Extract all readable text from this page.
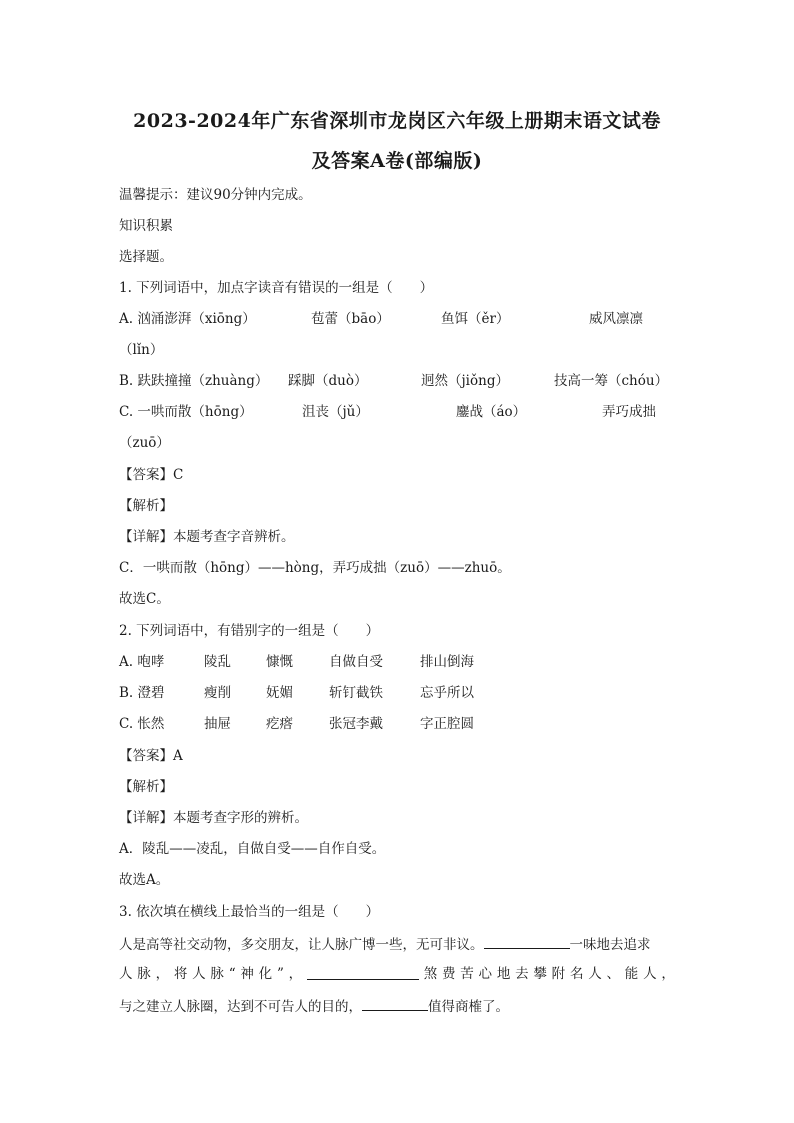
2023-2024年广东省深圳市龙岗区六年级上册期末语文试卷
及答案A卷(部编版)
温馨提示：建议90分钟内完成。
知识积累
选择题。
1. 下列词语中，加点字读音有错误的一组是（　　）
A. 汹涌澎湃（xiōng）	苞蕾（bāo）	鱼饵（ěr）	威风凛凛
（lǐn）
B. 趺趺撞撞（zhuàng） 踩脚（duò）	迥然（jiǒng）	技高一筹（chóu）
C. 一哄而散（hōng）	沮丧（jǔ）	鏖战（áo）	弄巧成拙
（zuō）
【答案】C
【解析】
【详解】本题考查字音辨析。
C．一哄而散（hōng）——hòng，弄巧成拙（zuō）——zhuō。
故选C。
2. 下列词语中，有错别字的一组是（　　）
A. 咆哮	陵乱	慷慨	自做自受	排山倒海
B. 澄碧	瘦削	妩媚	斩钉截铁	忘乎所以
C. 怅然	抽屉	疙瘩	张冠李戴	字正腔圆
【答案】A
【解析】
【详解】本题考查字形的辨析。
A．陵乱——凌乱，自做自受——自作自受。
故选A。
3. 依次填在横线上最恰当的一组是（　　）
人是高等社交动物，多交朋友，让人脉广博一些，无可非议。	一味地去追求
人 脉 ， 将 人 脉 “ 神 化 ” ，	煞 费 苦 心 地 去 攀 附 名 人 、 能 人 ，
与之建立人脉圈，达到不可告人的目的，	值得商榷了。
